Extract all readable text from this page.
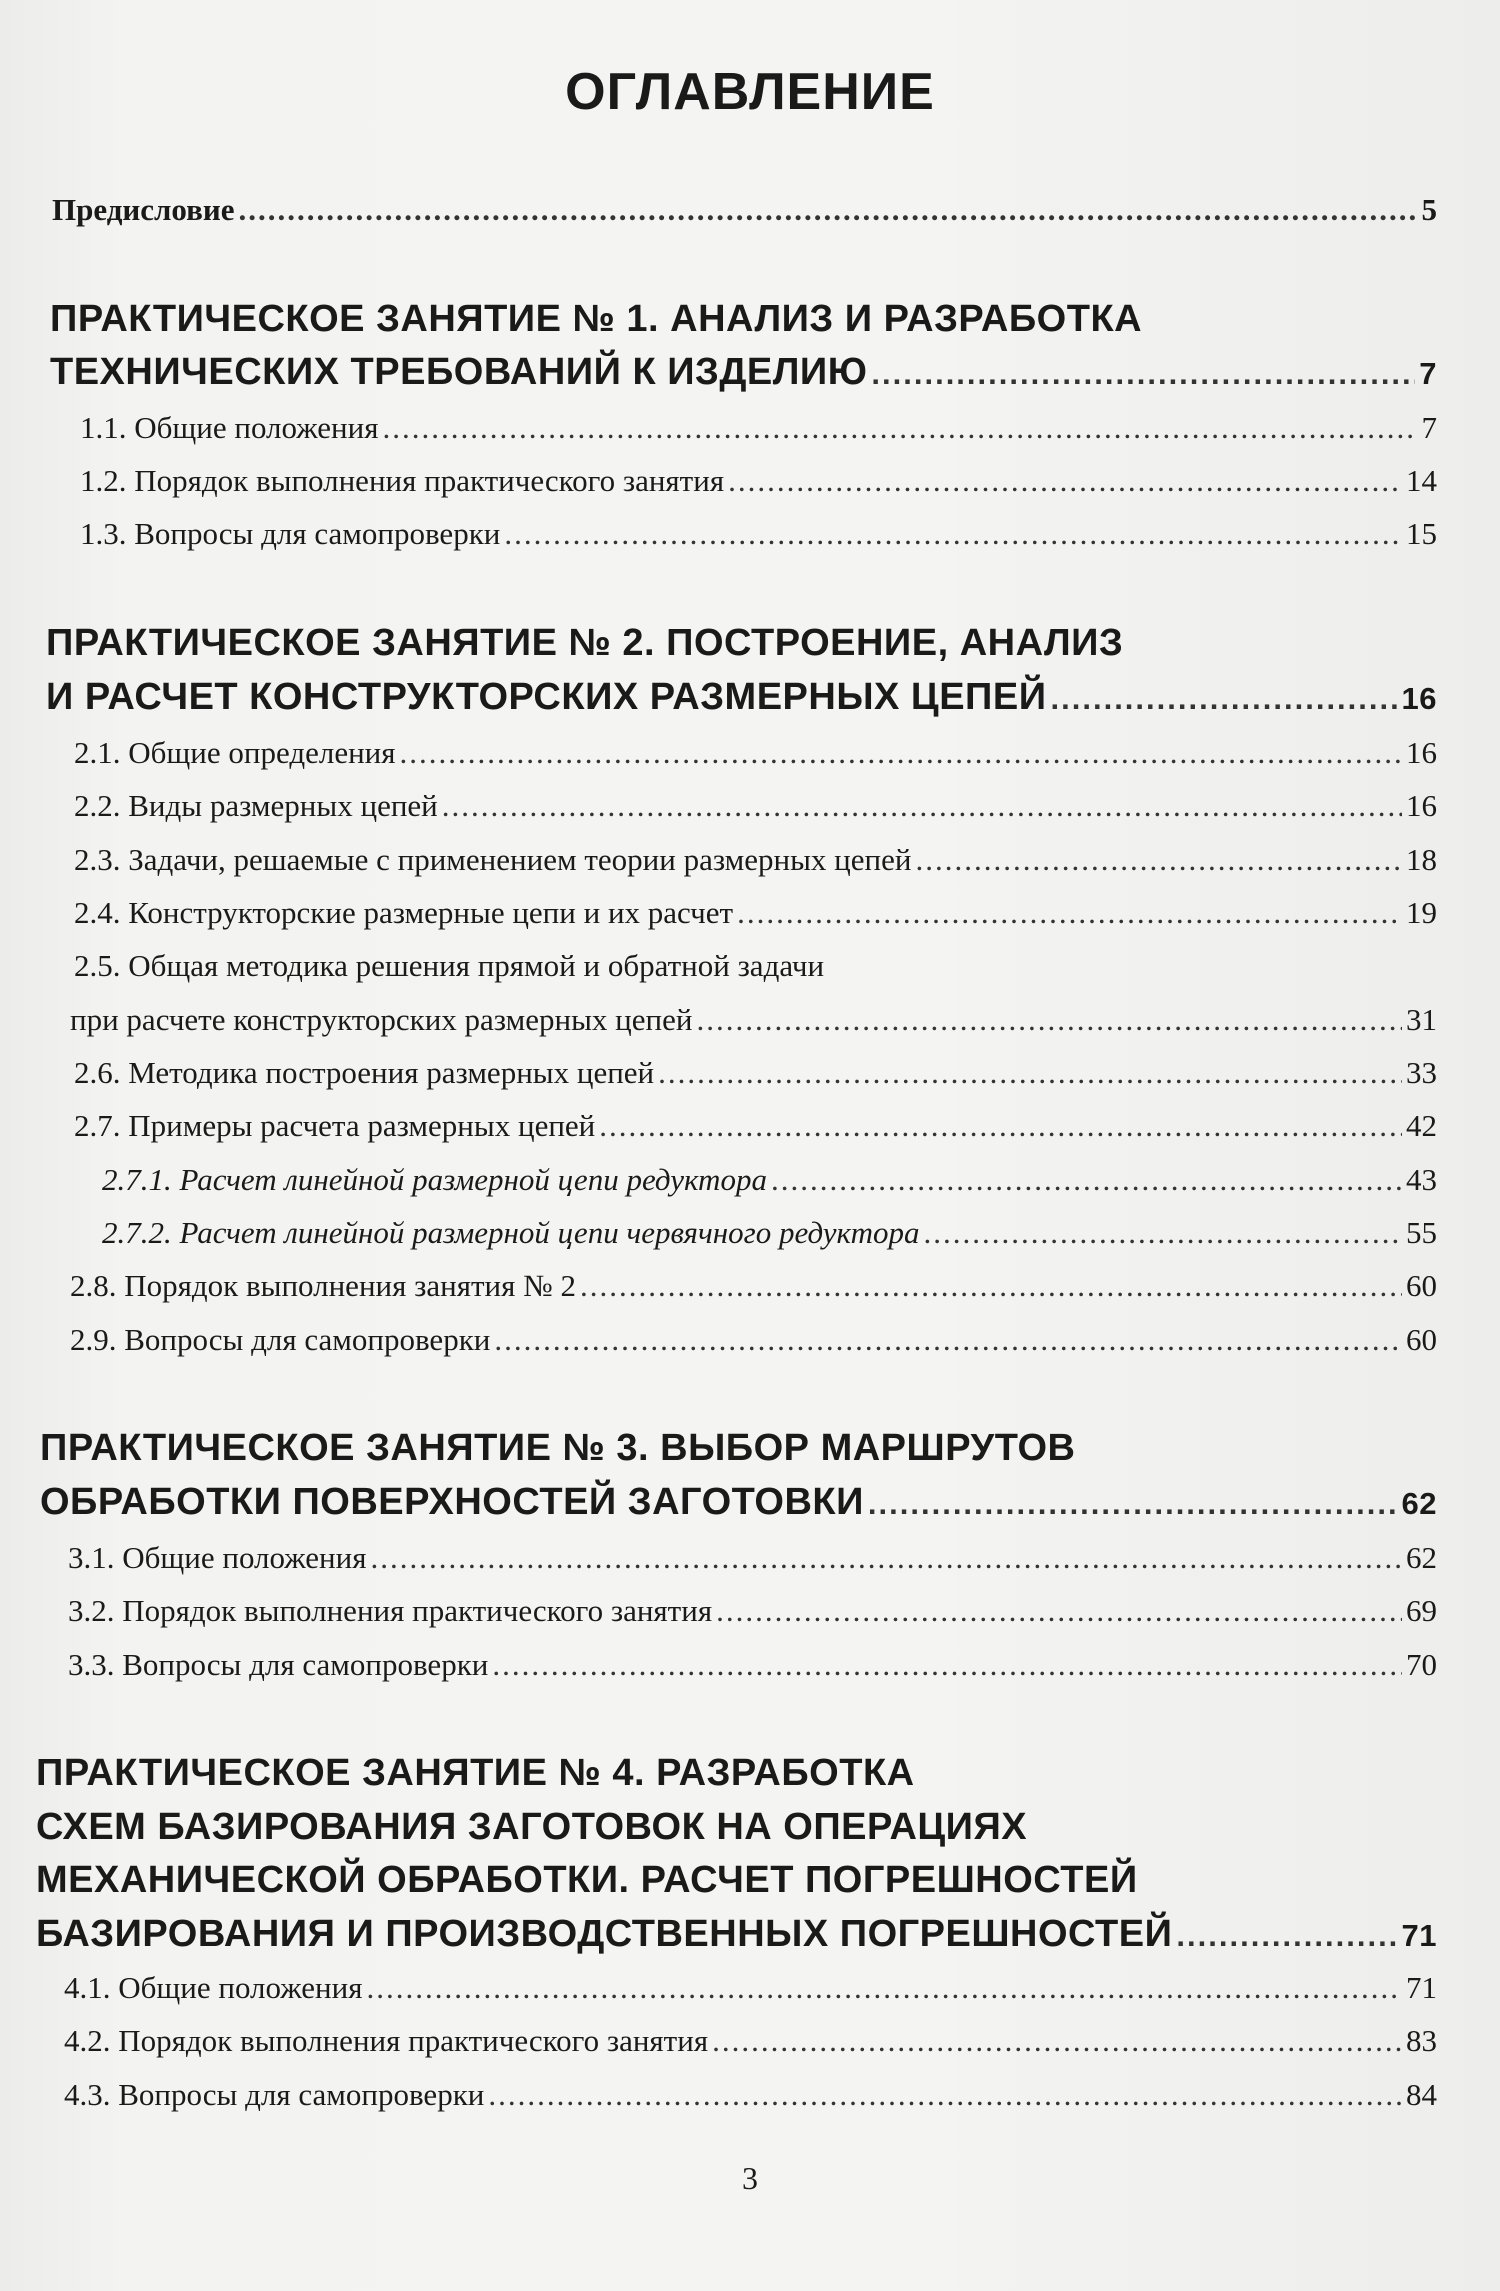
ОГЛАВЛЕНИЕ
Предисловие .....	5
ПРАКТИЧЕСКОЕ ЗАНЯТИЕ № 1. АНАЛИЗ И РАЗРАБОТКА
ТЕХНИЧЕСКИХ ТРЕБОВАНИЙ К ИЗДЕЛИЮ .....	7
1.1. Общие положения .....	7
1.2. Порядок выполнения практического занятия .....	14
1.3. Вопросы для самопроверки .....	15
ПРАКТИЧЕСКОЕ ЗАНЯТИЕ № 2. ПОСТРОЕНИЕ, АНАЛИЗ
И РАСЧЕТ КОНСТРУКТОРСКИХ РАЗМЕРНЫХ ЦЕПЕЙ .....	16
2.1. Общие определения .....	16
2.2. Виды размерных цепей .....	16
2.3. Задачи, решаемые с применением теории размерных цепей .....	18
2.4. Конструкторские размерные цепи и их расчет .....	19
2.5. Общая методика решения прямой и обратной задачи
при расчете конструкторских размерных цепей .....	31
2.6. Методика построения размерных цепей .....	33
2.7. Примеры расчета размерных цепей .....	42
2.7.1. Расчет линейной размерной цепи редуктора .....	43
2.7.2. Расчет линейной размерной цепи червячного редуктора .....	55
2.8. Порядок выполнения занятия № 2 .....	60
2.9. Вопросы для самопроверки .....	60
ПРАКТИЧЕСКОЕ ЗАНЯТИЕ № 3. ВЫБОР МАРШРУТОВ
ОБРАБОТКИ ПОВЕРХНОСТЕЙ ЗАГОТОВКИ .....	62
3.1. Общие положения .....	62
3.2. Порядок выполнения практического занятия .....	69
3.3. Вопросы для самопроверки .....	70
ПРАКТИЧЕСКОЕ ЗАНЯТИЕ № 4. РАЗРАБОТКА
СХЕМ БАЗИРОВАНИЯ ЗАГОТОВОК НА ОПЕРАЦИЯХ
МЕХАНИЧЕСКОЙ ОБРАБОТКИ. РАСЧЕТ ПОГРЕШНОСТЕЙ
БАЗИРОВАНИЯ И ПРОИЗВОДСТВЕННЫХ ПОГРЕШНОСТЕЙ .....	71
4.1. Общие положения .....	71
4.2. Порядок выполнения практического занятия .....	83
4.3. Вопросы для самопроверки .....	84
3
